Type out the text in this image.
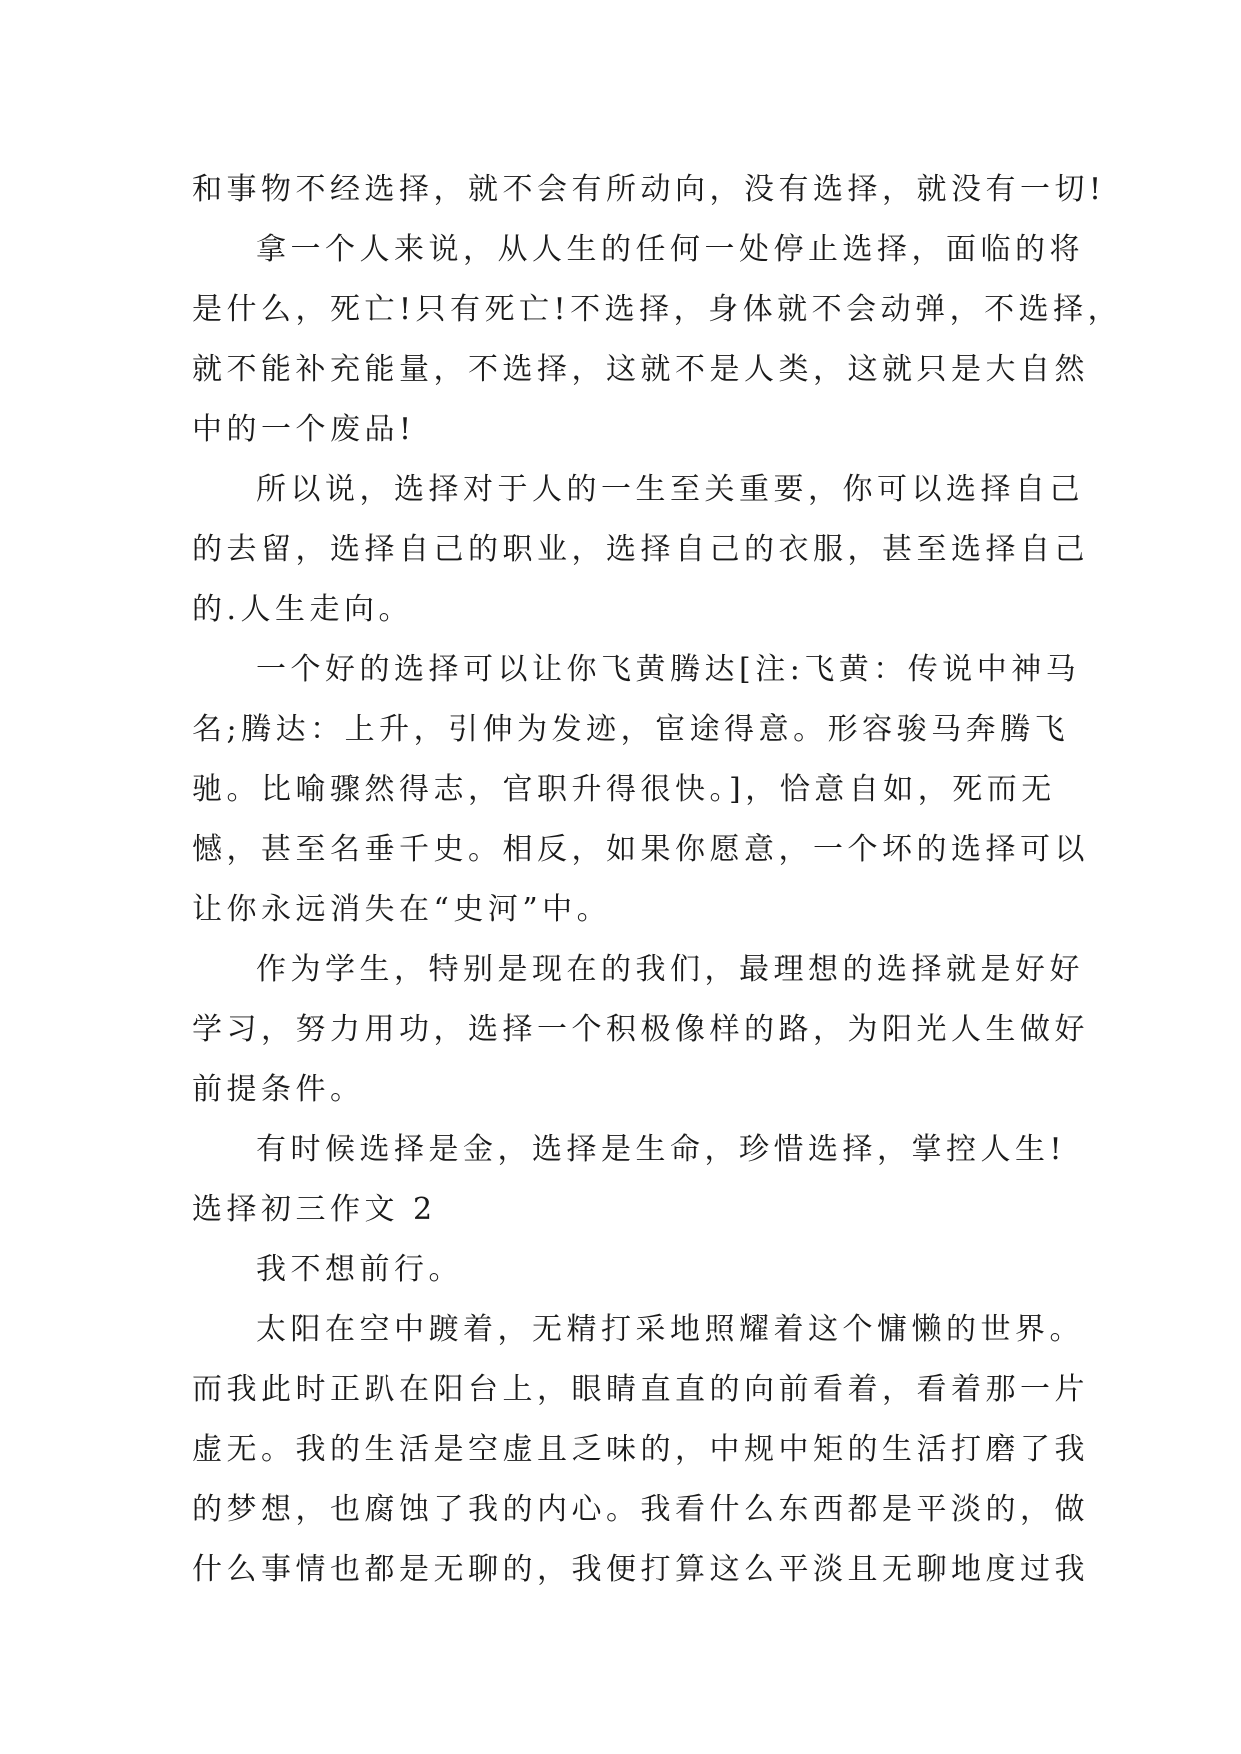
和事物不经选择，就不会有所动向，没有选择，就没有一切!
拿一个人来说，从人生的任何一处停止选择，面临的将
是什么，死亡!只有死亡!不选择，身体就不会动弹，不选择，
就不能补充能量，不选择，这就不是人类，这就只是大自然
中的一个废品!
所以说，选择对于人的一生至关重要，你可以选择自己
的去留，选择自己的职业，选择自己的衣服，甚至选择自己
的.人生走向。
一个好的选择可以让你飞黄腾达[注:飞黄：传说中神马
名;腾达：上升，引伸为发迹，宦途得意。形容骏马奔腾飞
驰。比喻骤然得志，官职升得很快。]，恰意自如，死而无
憾，甚至名垂千史。相反，如果你愿意，一个坏的选择可以
让你永远消失在“史河”中。
作为学生，特别是现在的我们，最理想的选择就是好好
学习，努力用功，选择一个积极像样的路，为阳光人生做好
前提条件。
有时候选择是金，选择是生命，珍惜选择，掌控人生!
选择初三作文 2
我不想前行。
太阳在空中踱着，无精打采地照耀着这个慵懒的世界。
而我此时正趴在阳台上，眼睛直直的向前看着，看着那一片
虚无。我的生活是空虚且乏味的，中规中矩的生活打磨了我
的梦想，也腐蚀了我的内心。我看什么东西都是平淡的，做
什么事情也都是无聊的，我便打算这么平淡且无聊地度过我
